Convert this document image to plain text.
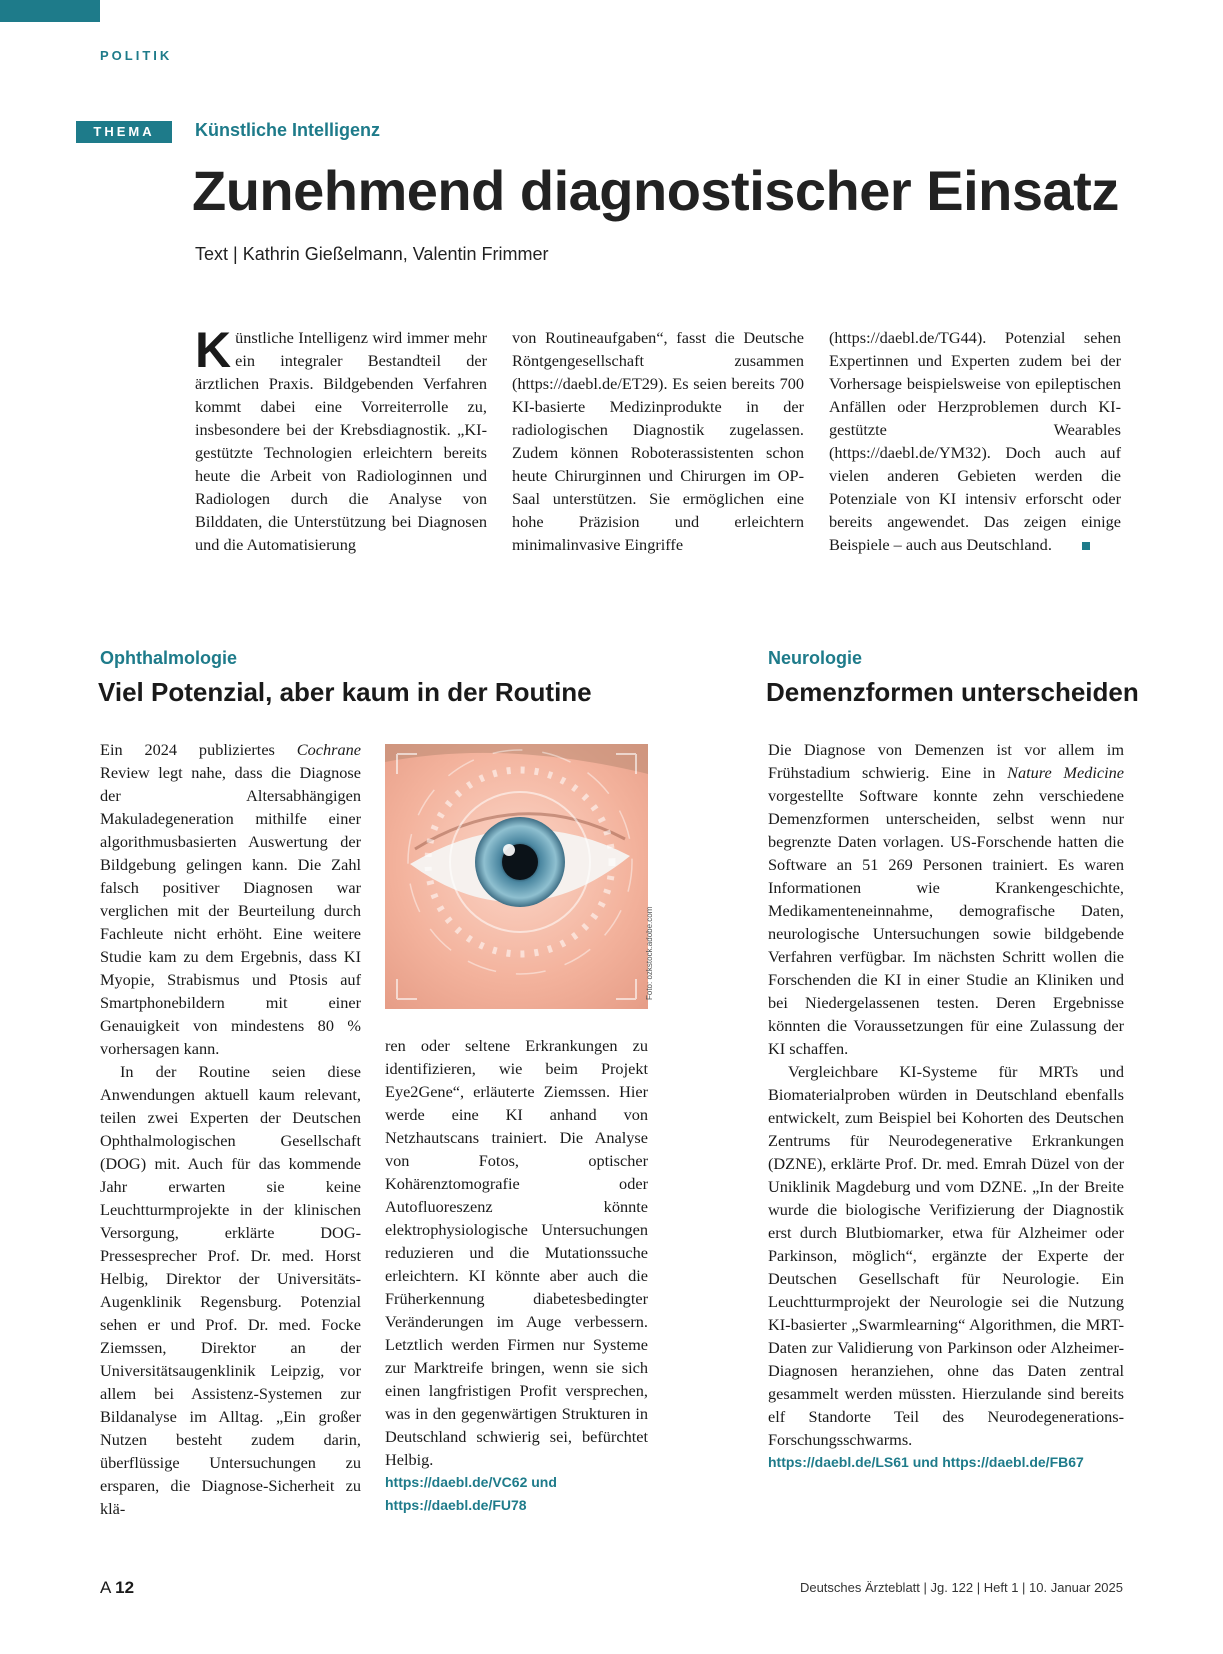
POLITIK
THEMA	Künstliche Intelligenz
Zunehmend diagnostischer Einsatz
Text | Kathrin Gießelmann, Valentin Frimmer

Künstliche Intelligenz wird immer mehr ein integraler Bestandteil der ärztlichen Praxis. Bildgebenden Verfahren kommt dabei eine Vorreiterrolle zu, insbesondere bei der Krebsdiagnostik. „KI-gestützte Technologien erleichtern bereits heute die Arbeit von Radiologinnen und Radiologen durch die Analyse von Bilddaten, die Unterstützung bei Diagnosen und die Automatisierung

von Routineaufgaben“, fasst die Deutsche Röntgengesellschaft zusammen (https://daebl.de/ET29). Es seien bereits 700 KI-basierte Medizinprodukte in der radiologischen Diagnostik zugelassen. Zudem können Roboterassistenten schon heute Chirurginnen und Chirurgen im OP-Saal unterstützen. Sie ermöglichen eine hohe Präzision und erleichtern minimalinvasive Eingriffe

(https://daebl.de/TG44). Potenzial sehen Expertinnen und Experten zudem bei der Vorhersage beispielsweise von epileptischen Anfällen oder Herzproblemen durch KI-gestützte Wearables (https://daebl.de/YM32). Doch auch auf vielen anderen Gebieten werden die Potenziale von KI intensiv erforscht oder bereits angewendet. Das zeigen einige Beispiele – auch aus Deutschland.

Ophthalmologie
Viel Potenzial, aber kaum in der Routine

Ein 2024 publiziertes Cochrane Review legt nahe, dass die Diagnose der Altersabhängigen Makuladegeneration mithilfe einer algorithmusbasierten Auswertung der Bildgebung gelingen kann. Die Zahl falsch positiver Diagnosen war verglichen mit der Beurteilung durch Fachleute nicht erhöht. Eine weitere Studie kam zu dem Ergebnis, dass KI Myopie, Strabismus und Ptosis auf Smartphonebildern mit einer Genauigkeit von mindestens 80 % vorhersagen kann.

In der Routine seien diese Anwendungen aktuell kaum relevant, teilen zwei Experten der Deutschen Ophthalmologischen Gesellschaft (DOG) mit. Auch für das kommende Jahr erwarten sie keine Leuchtturmprojekte in der klinischen Versorgung, erklärte DOG-Pressesprecher Prof. Dr. med. Horst Helbig, Direktor der Universitäts-Augenklinik Regensburg. Potenzial sehen er und Prof. Dr. med. Focke Ziemssen, Direktor an der Universitätsaugenklinik Leipzig, vor allem bei Assistenz-Systemen zur Bildanalyse im Alltag. „Ein großer Nutzen besteht zudem darin, überflüssige Untersuchungen zu ersparen, die Diagnose-Sicherheit zu klä-

Foto: ozkstock.adobe.com

ren oder seltene Erkrankungen zu identifizieren, wie beim Projekt Eye2Gene“, erläuterte Ziemssen. Hier werde eine KI anhand von Netzhautscans trainiert. Die Analyse von Fotos, optischer Kohärenztomografie oder Autofluoreszenz könnte elektrophysiologische Untersuchungen reduzieren und die Mutationssuche erleichtern. KI könnte aber auch die Früherkennung diabetesbedingter Veränderungen im Auge verbessern. Letztlich werden Firmen nur Systeme zur Marktreife bringen, wenn sie sich einen langfristigen Profit versprechen, was in den gegenwärtigen Strukturen in Deutschland schwierig sei, befürchtet Helbig.

https://daebl.de/VC62 und
https://daebl.de/FU78
Neurologie
Demenzformen unterscheiden

Die Diagnose von Demenzen ist vor allem im Frühstadium schwierig. Eine in Nature Medicine vorgestellte Software konnte zehn verschiedene Demenzformen unterscheiden, selbst wenn nur begrenzte Daten vorlagen. US-Forschende hatten die Software an 51 269 Personen trainiert. Es waren Informationen wie Krankengeschichte, Medikamenteneinnahme, demografische Daten, neurologische Untersuchungen sowie bildgebende Verfahren verfügbar. Im nächsten Schritt wollen die Forschenden die KI in einer Studie an Kliniken und bei Niedergelassenen testen. Deren Ergebnisse könnten die Voraussetzungen für eine Zulassung der KI schaffen.

Vergleichbare KI-Systeme für MRTs und Biomaterialproben würden in Deutschland ebenfalls entwickelt, zum Beispiel bei Kohorten des Deutschen Zentrums für Neurodegenerative Erkrankungen (DZNE), erklärte Prof. Dr. med. Emrah Düzel von der Uniklinik Magdeburg und vom DZNE. „In der Breite wurde die biologische Verifizierung der Diagnostik erst durch Blutbiomarker, etwa für Alzheimer oder Parkinson, möglich“, ergänzte der Experte der Deutschen Gesellschaft für Neurologie. Ein Leuchtturmprojekt der Neurologie sei die Nutzung KI-basierter „Swarmlearning“ Algorithmen, die MRT-Daten zur Validierung von Parkinson oder Alzheimer-Diagnosen heranziehen, ohne das Daten zentral gesammelt werden müssten. Hierzulande sind bereits elf Standorte Teil des Neurodegenerations-Forschungsschwarms.

https://daebl.de/LS61 und https://daebl.de/FB67
A 12	Deutsches Ärzteblatt | Jg. 122 | Heft 1 | 10. Januar 2025
